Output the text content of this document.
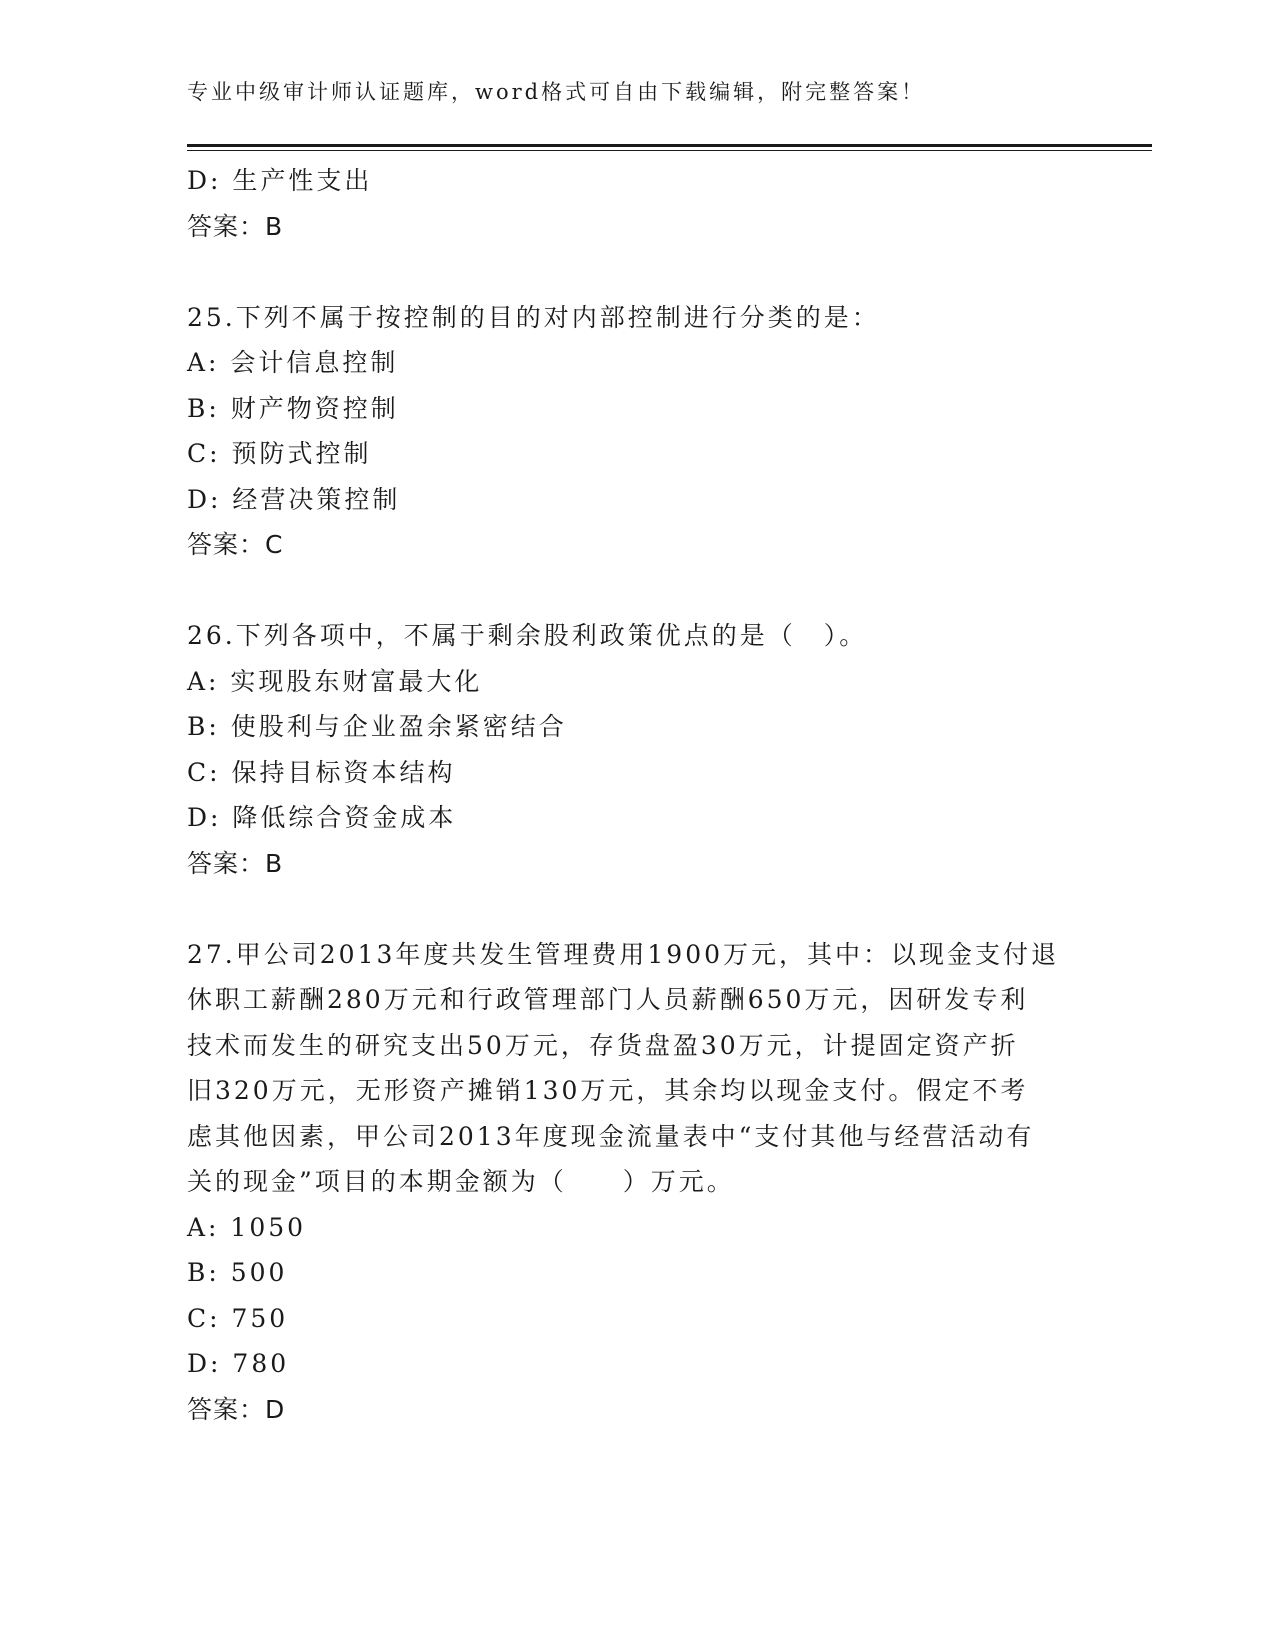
专业中级审计师认证题库，word格式可自由下载编辑，附完整答案！
D: 生产性支出
答案：B
25.下列不属于按控制的目的对内部控制进行分类的是：
A: 会计信息控制
B: 财产物资控制
C: 预防式控制
D: 经营决策控制
答案：C
26.下列各项中，不属于剩余股利政策优点的是（　）。
A: 实现股东财富最大化
B: 使股利与企业盈余紧密结合
C: 保持目标资本结构
D: 降低综合资金成本
答案：B
27.甲公司2013年度共发生管理费用1900万元，其中：以现金支付退
休职工薪酬280万元和行政管理部门人员薪酬650万元，因研发专利
技术而发生的研究支出50万元，存货盘盈30万元，计提固定资产折
旧320万元，无形资产摊销130万元，其余均以现金支付。假定不考
虑其他因素，甲公司2013年度现金流量表中“支付其他与经营活动有
关的现金”项目的本期金额为（　　）万元。
A: 1050
B: 500
C: 750
D: 780
答案：D
